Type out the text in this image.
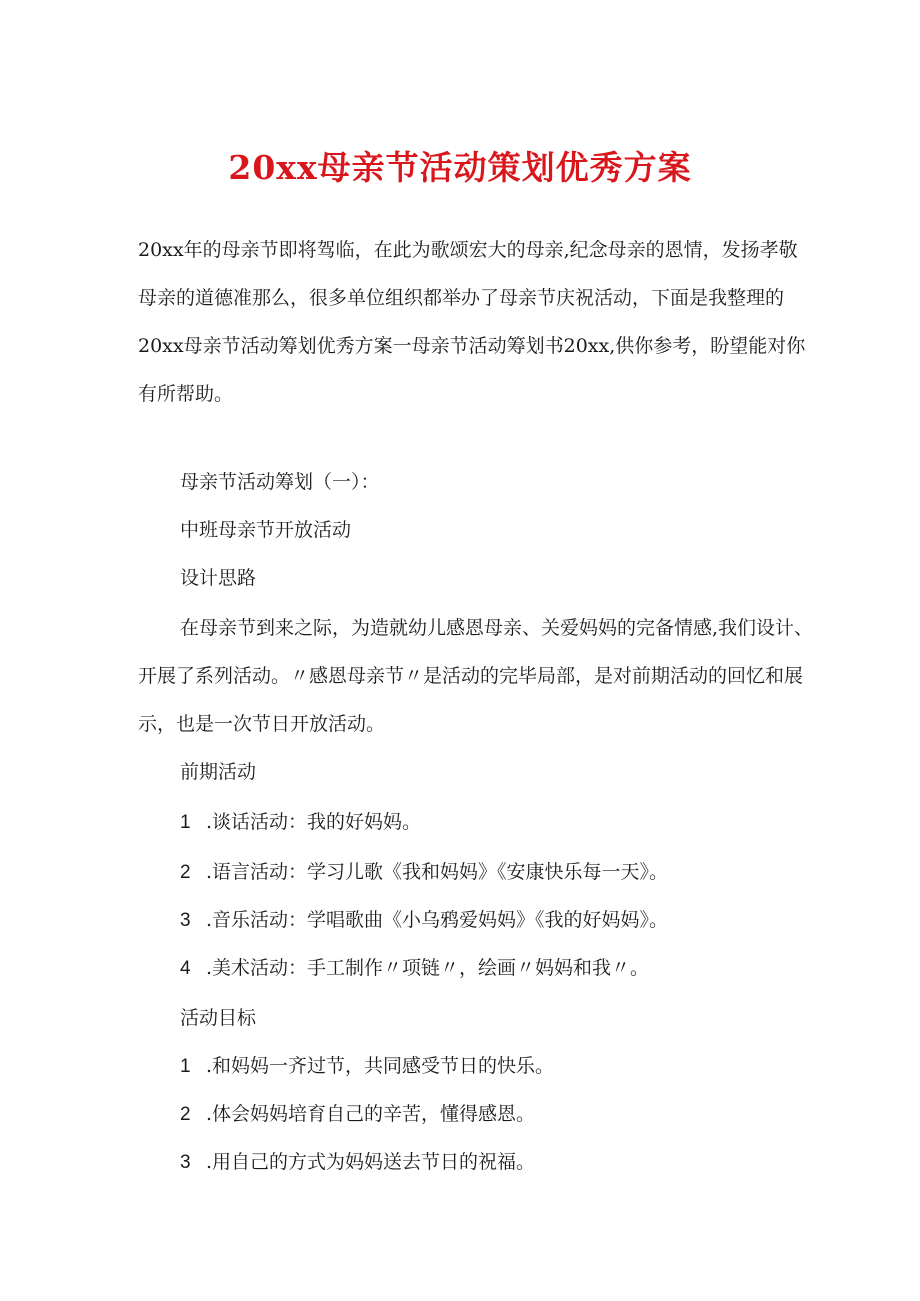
20xx母亲节活动策划优秀方案
20xx年的母亲节即将驾临，在此为歌颂宏大的母亲,纪念母亲的恩情，发扬孝敬
母亲的道德准那么，很多单位组织都举办了母亲节庆祝活动，下面是我整理的
20xx母亲节活动筹划优秀方案一母亲节活动筹划书20xx,供你参考，盼望能对你
有所帮助。
母亲节活动筹划（一）：
中班母亲节开放活动
设计思路
在母亲节到来之际，为造就幼儿感恩母亲、关爱妈妈的完备情感,我们设计、
开展了系列活动。〃感恩母亲节〃是活动的完毕局部，是对前期活动的回忆和展
示，也是一次节日开放活动。
前期活动
1 .谈话活动：我的好妈妈。
2 .语言活动：学习儿歌《我和妈妈》《安康快乐每一天》。
3 .音乐活动：学唱歌曲《小乌鸦爱妈妈》《我的好妈妈》。
4 .美术活动：手工制作〃项链〃，绘画〃妈妈和我〃。
活动目标
1 .和妈妈一齐过节，共同感受节日的快乐。
2 .体会妈妈培育自己的辛苦，懂得感恩。
3 .用自己的方式为妈妈送去节日的祝福。
